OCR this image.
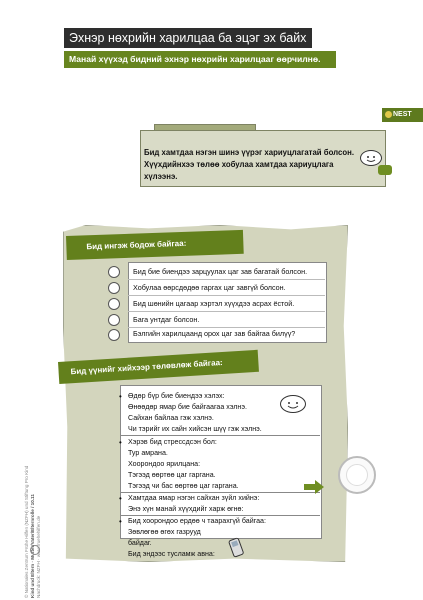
Эхнэр нөхрийн харилцаа ба эцэг эх байх
Манай хүүхэд бидний эхнэр нөхрийн харилцааг өөрчилнө.
NEST
© Nationales Zentrum Frühe Hilfen (NZFH) und Stiftung Pro Kind Kind und Eltern · Mutter/Vater/Elternrolle / 10.11 Nachdruck: NZFH · www.fruehehilfen.de
Бид хамтдаа нэгэн шинэ үүрэг хариуцлагатай болсон.
Хүүхдийнхээ төлөө хобулаа хамтдаа хариуцлага хүлээнэ.
Бид ингэж бодож байгаа:
Бид бие биендээ зарцуулах цаг зав багатай болсон.
Хобулаа өөрсдөдөө гаргах цаг завгүй болсон.
Бид шөнийн цагаар хэртэл хүүхдээ асрах ёстой.
Бага унтдаг болсон.
Бэлгийн харилцаанд орох цаг зав байгаа билүү?
Бид үүнийг хийхээр төлөвлөж байгаа:
• Өдөр бүр бие биендээ хэлэх:
Өнөөдөр ямар бие байгаагаа хэлнэ.
Сайхан байлаа гэж хэлнэ.
Чи тэрийг их сайн хийсэн шүү гэж хэлнэ.
• Хэрэв бид стрессдсэн бол:
Тур амрана.
Хоорондоо ярилцана:
Тэгээд өөртөө цаг гаргана.
Тэгээд чи бас өөртөө цаг гаргана.
• Хамтдаа ямар нэгэн сайхан зүйл хийнэ:
Энэ хүн манай хүүхдийг харж өгнө:
• Бид хоорондоо ердөө ч таарахгүй байгаа:
Зөвлөгөө өгөх газрууд
байдаг.
Бид эндээс тусламж авна:
